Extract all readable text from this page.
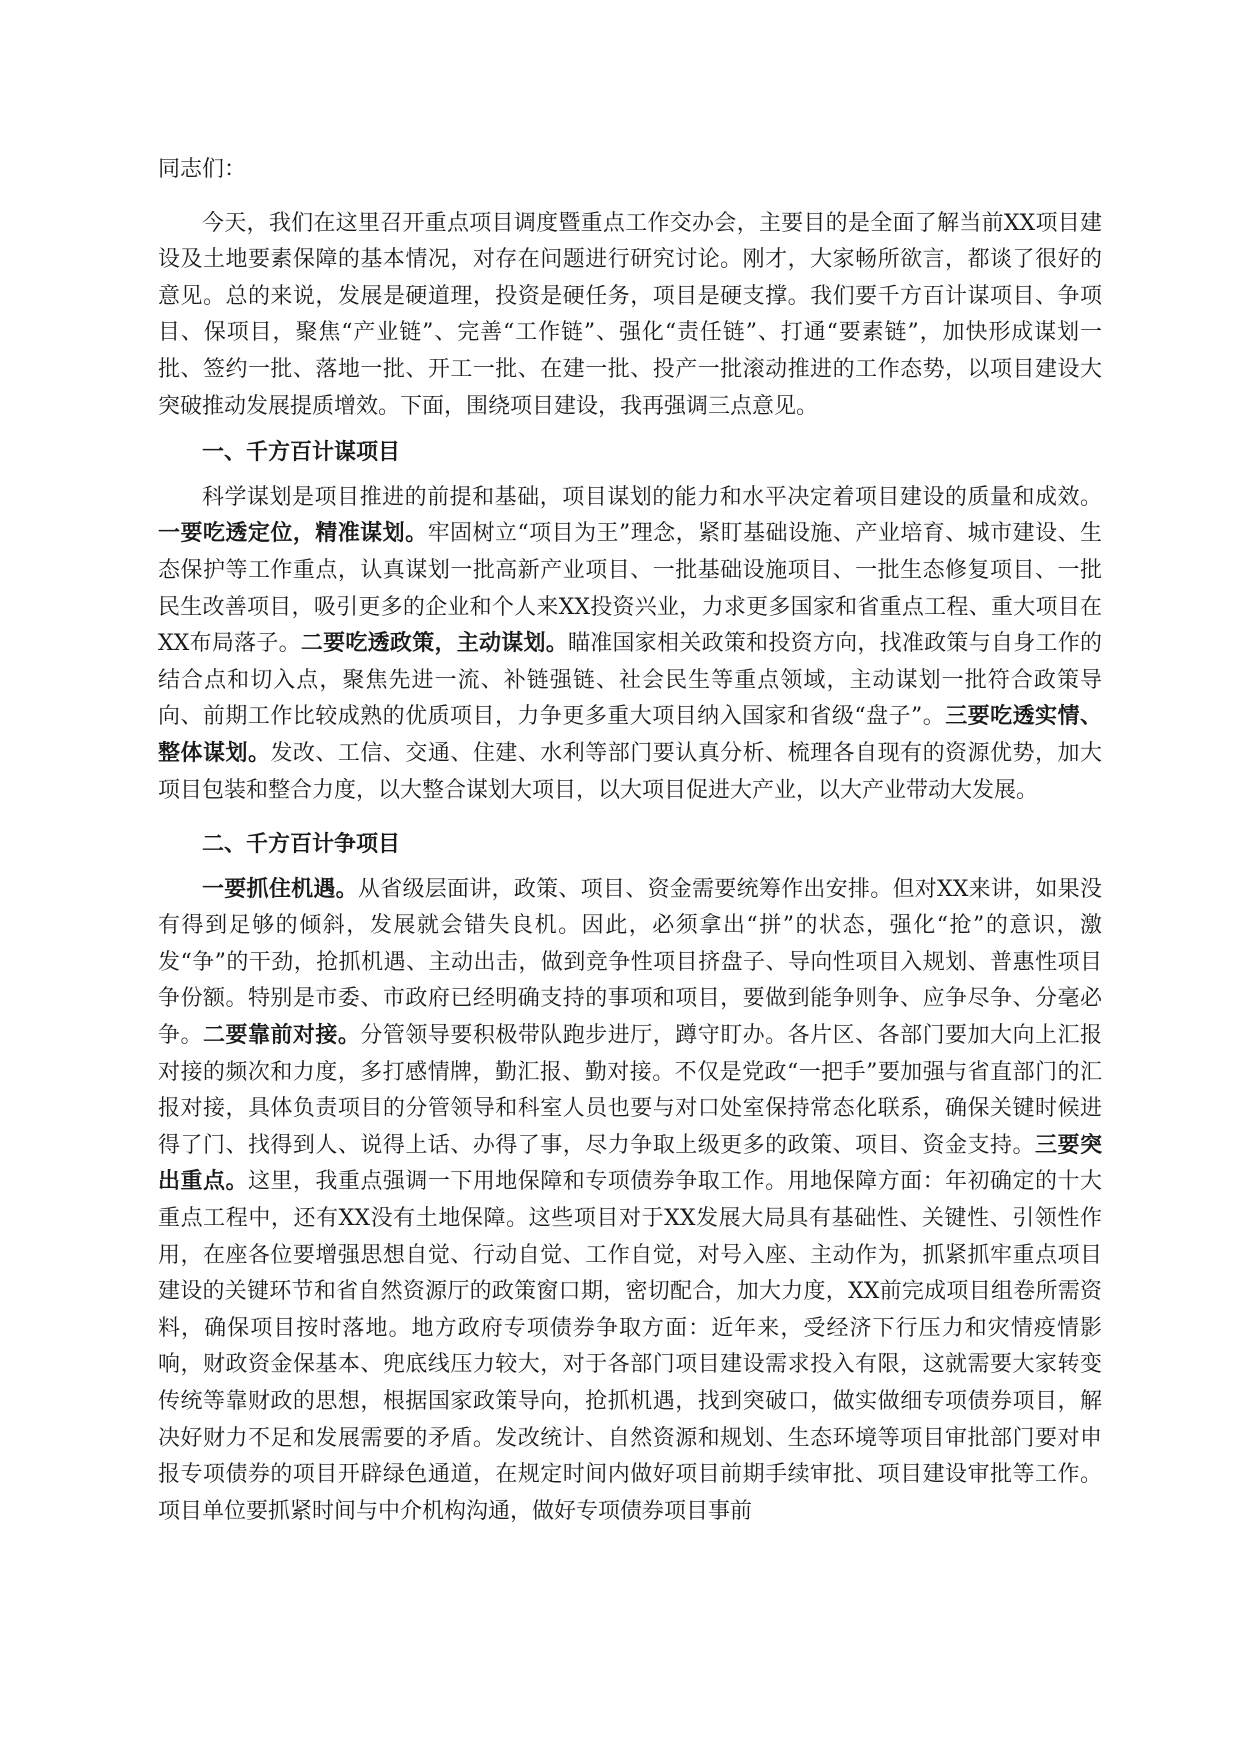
同志们：

今天，我们在这里召开重点项目调度暨重点工作交办会，主要目的是全面了解当前XX项目建设及土地要素保障的基本情况，对存在问题进行研究讨论。刚才，大家畅所欲言，都谈了很好的意见。总的来说，发展是硬道理，投资是硬任务，项目是硬支撑。我们要千方百计谋项目、争项目、保项目，聚焦“产业链”、完善“工作链”、强化“责任链”、打通“要素链”，加快形成谋划一批、签约一批、落地一批、开工一批、在建一批、投产一批滚动推进的工作态势，以项目建设大突破推动发展提质增效。下面，围绕项目建设，我再强调三点意见。

一、千方百计谋项目

科学谋划是项目推进的前提和基础，项目谋划的能力和水平决定着项目建设的质量和成效。一要吃透定位，精准谋划。牢固树立“项目为王”理念，紧盯基础设施、产业培育、城市建设、生态保护等工作重点，认真谋划一批高新产业项目、一批基础设施项目、一批生态修复项目、一批民生改善项目，吸引更多的企业和个人来XX投资兴业，力求更多国家和省重点工程、重大项目在XX布局落子。二要吃透政策，主动谋划。瞄准国家相关政策和投资方向，找准政策与自身工作的结合点和切入点，聚焦先进一流、补链强链、社会民生等重点领域，主动谋划一批符合政策导向、前期工作比较成熟的优质项目，力争更多重大项目纳入国家和省级“盘子”。三要吃透实情、整体谋划。发改、工信、交通、住建、水利等部门要认真分析、梳理各自现有的资源优势，加大项目包装和整合力度，以大整合谋划大项目，以大项目促进大产业，以大产业带动大发展。

二、千方百计争项目

一要抓住机遇。从省级层面讲，政策、项目、资金需要统筹作出安排。但对XX来讲，如果没有得到足够的倾斜，发展就会错失良机。因此，必须拿出“拼”的状态，强化“抢”的意识，激发“争”的干劲，抢抓机遇、主动出击，做到竞争性项目挤盘子、导向性项目入规划、普惠性项目争份额。特别是市委、市政府已经明确支持的事项和项目，要做到能争则争、应争尽争、分毫必争。二要靠前对接。分管领导要积极带队跑步进厅，蹲守盯办。各片区、各部门要加大向上汇报对接的频次和力度，多打感情牌，勤汇报、勤对接。不仅是党政“一把手”要加强与省直部门的汇报对接，具体负责项目的分管领导和科室人员也要与对口处室保持常态化联系，确保关键时候进得了门、找得到人、说得上话、办得了事，尽力争取上级更多的政策、项目、资金支持。三要突出重点。这里，我重点强调一下用地保障和专项债券争取工作。用地保障方面：年初确定的十大重点工程中，还有XX没有土地保障。这些项目对于XX发展大局具有基础性、关键性、引领性作用，在座各位要增强思想自觉、行动自觉、工作自觉，对号入座、主动作为，抓紧抓牢重点项目建设的关键环节和省自然资源厅的政策窗口期，密切配合，加大力度，XX前完成项目组卷所需资料，确保项目按时落地。地方政府专项债券争取方面：近年来，受经济下行压力和灾情疫情影响，财政资金保基本、兜底线压力较大，对于各部门项目建设需求投入有限，这就需要大家转变传统等靠财政的思想，根据国家政策导向，抢抓机遇，找到突破口，做实做细专项债券项目，解决好财力不足和发展需要的矛盾。发改统计、自然资源和规划、生态环境等项目审批部门要对申报专项债券的项目开辟绿色通道，在规定时间内做好项目前期手续审批、项目建设审批等工作。项目单位要抓紧时间与中介机构沟通，做好专项债券项目事前
